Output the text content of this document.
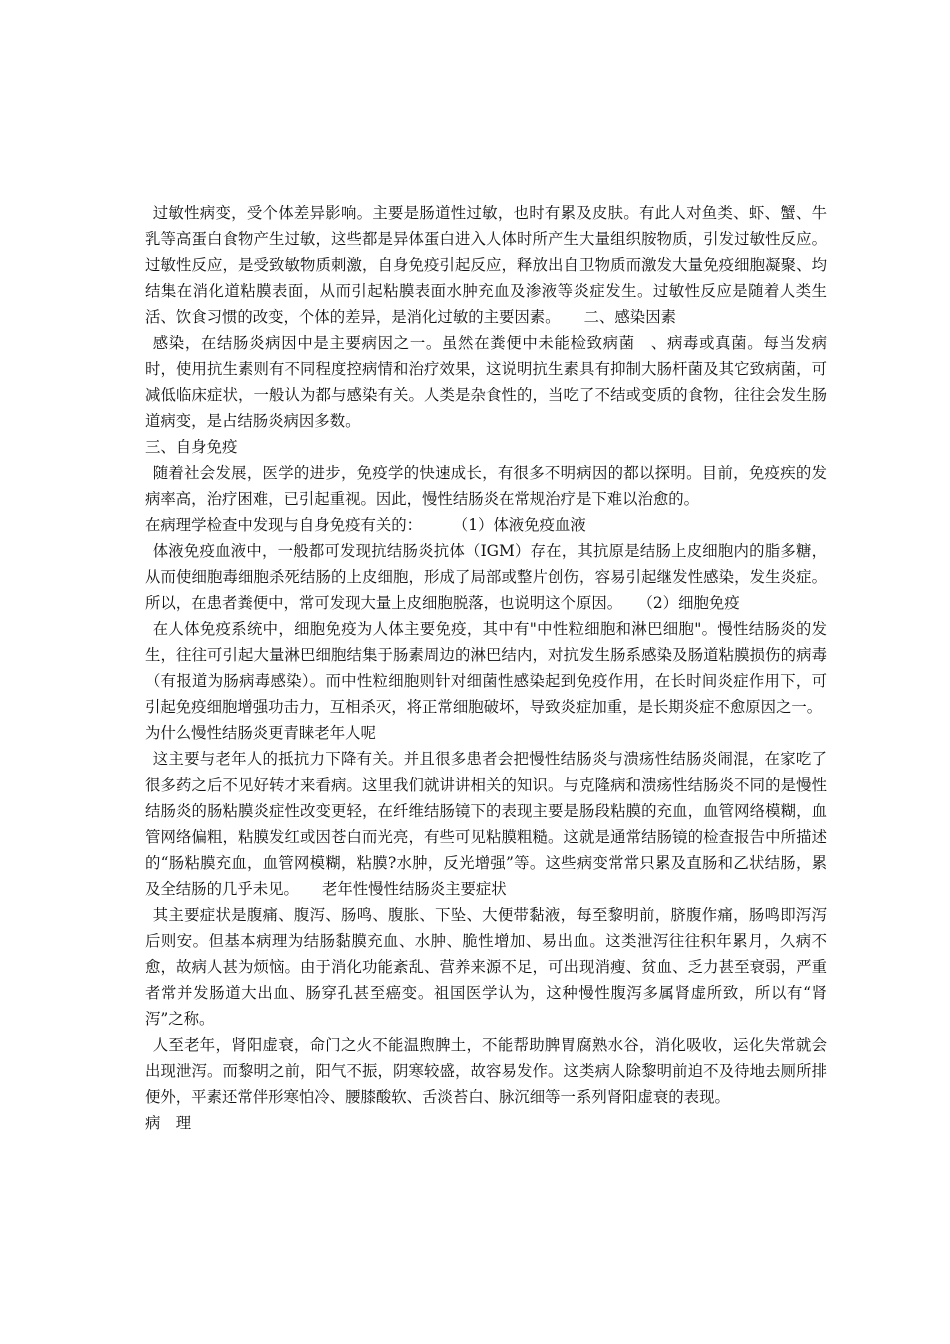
过敏性病变，受个体差异影响。主要是肠道性过敏，也时有累及皮肤。有此人对鱼类、虾、蟹、牛乳等高蛋白食物产生过敏，这些都是异体蛋白进入人体时所产生大量组织胺物质，引发过敏性反应。过敏性反应，是受致敏物质刺激，自身免疫引起反应，释放出自卫物质而激发大量免疫细胞凝聚、均结集在消化道粘膜表面，从而引起粘膜表面水肿充血及渗液等炎症发生。过敏性反应是随着人类生活、饮食习惯的改变，个体的差异，是消化过敏的主要因素。　　二、感染因素

感染，在结肠炎病因中是主要病因之一。虽然在粪便中未能检致病菌　、病毒或真菌。每当发病时，使用抗生素则有不同程度控病情和治疗效果，这说明抗生素具有抑制大肠杆菌及其它致病菌，可减低临床症状，一般认为都与感染有关。人类是杂食性的，当吃了不结或变质的食物，往往会发生肠道病变，是占结肠炎病因多数。

三、自身免疫

随着社会发展，医学的进步，免疫学的快速成长，有很多不明病因的都以探明。目前，免疫疾的发病率高，治疗困难，已引起重视。因此，慢性结肠炎在常规治疗是下难以治愈的。

在病理学检查中发现与自身免疫有关的：　　　（1）体液免疫血液

体液免疫血液中，一般都可发现抗结肠炎抗体（IGM）存在，其抗原是结肠上皮细胞内的脂多糖，从而使细胞毒细胞杀死结肠的上皮细胞，形成了局部或整片创伤，容易引起继发性感染，发生炎症。所以，在患者粪便中，常可发现大量上皮细胞脱落，也说明这个原因。　　（2）细胞免疫

在人体免疫系统中，细胞免疫为人体主要免疫，其中有"中性粒细胞和淋巴细胞"。慢性结肠炎的发生，往往可引起大量淋巴细胞结集于肠素周边的淋巴结内，对抗发生肠系感染及肠道粘膜损伤的病毒（有报道为肠病毒感染）。而中性粒细胞则针对细菌性感染起到免疫作用，在长时间炎症作用下，可引起免疫细胞增强功击力，互相杀灭，将正常细胞破坏，导致炎症加重，是长期炎症不愈原因之一。

为什么慢性结肠炎更青睐老年人呢

这主要与老年人的抵抗力下降有关。并且很多患者会把慢性结肠炎与溃疡性结肠炎闹混，在家吃了很多药之后不见好转才来看病。这里我们就讲讲相关的知识。与克隆病和溃疡性结肠炎不同的是慢性结肠炎的肠粘膜炎症性改变更轻，在纤维结肠镜下的表现主要是肠段粘膜的充血，血管网络模糊，血管网络偏粗，粘膜发红或因苍白而光亮，有些可见粘膜粗糙。这就是通常结肠镜的检查报告中所描述的“肠粘膜充血，血管网模糊，粘膜?水肿，反光增强”等。这些病变常常只累及直肠和乙状结肠，累及全结肠的几乎未见。　　老年性慢性结肠炎主要症状

其主要症状是腹痛、腹泻、肠鸣、腹胀、下坠、大便带黏液，每至黎明前，脐腹作痛，肠鸣即泻泻后则安。但基本病理为结肠黏膜充血、水肿、脆性增加、易出血。这类泄泻往往积年累月，久病不愈，故病人甚为烦恼。由于消化功能紊乱、营养来源不足，可出现消瘦、贫血、乏力甚至衰弱，严重者常并发肠道大出血、肠穿孔甚至癌变。祖国医学认为，这种慢性腹泻多属肾虚所致，所以有“肾泻”之称。

人至老年，肾阳虚衰，命门之火不能温煦脾土，不能帮助脾胃腐熟水谷，消化吸收，运化失常就会出现泄泻。而黎明之前，阳气不振，阴寒较盛，故容易发作。这类病人除黎明前迫不及待地去厕所排便外，平素还常伴形寒怕冷、腰膝酸软、舌淡苔白、脉沉细等一系列肾阳虚衰的表现。

病　理
